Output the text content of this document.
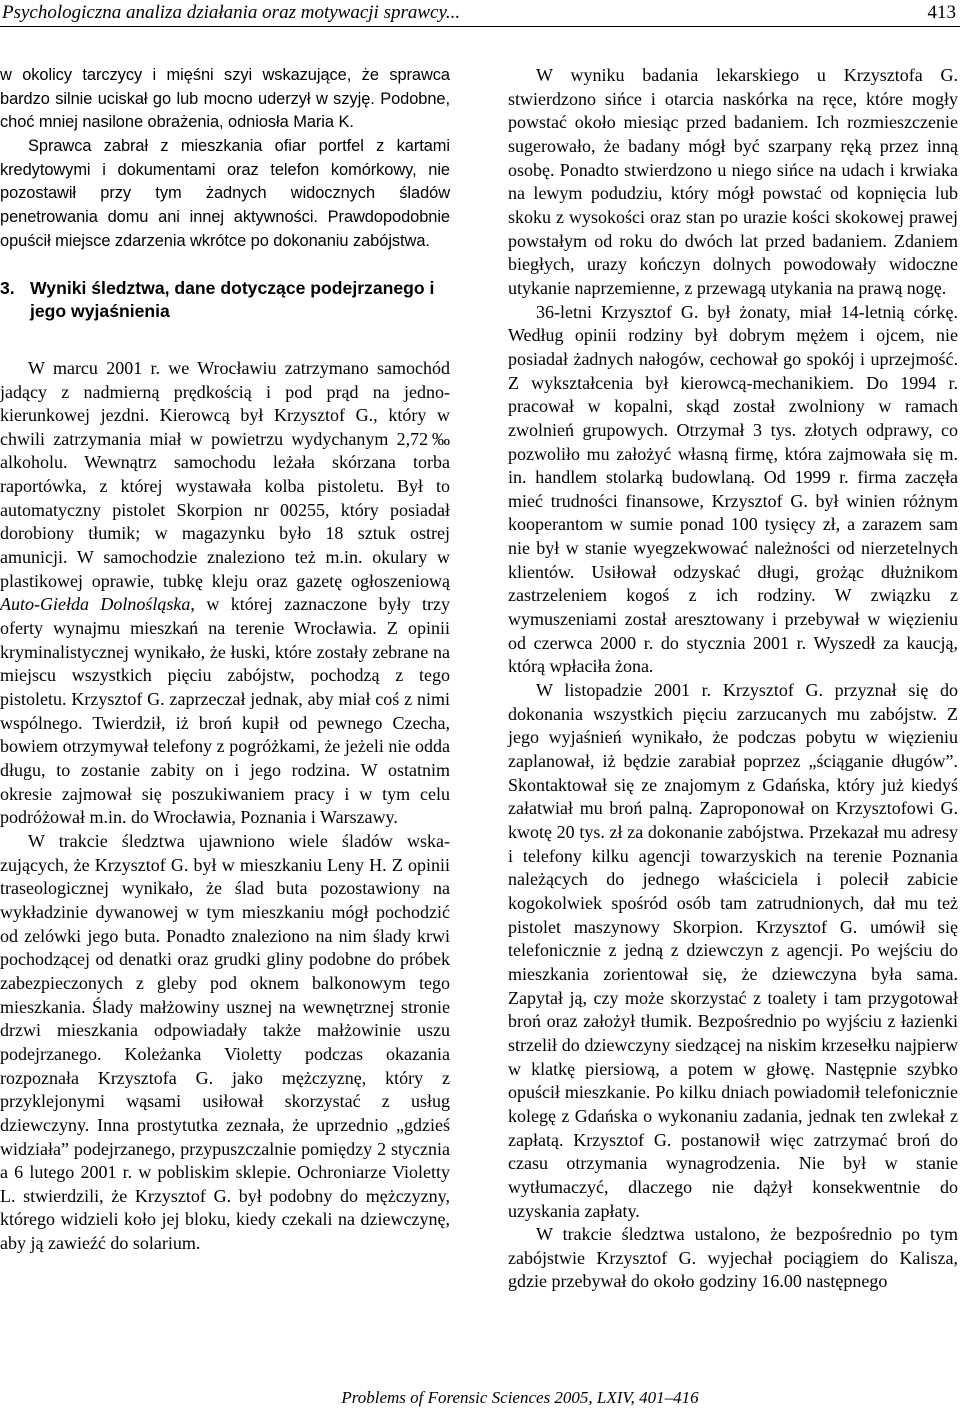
Psychologiczna analiza działania oraz motywacji sprawcy...	413

w okolicy tarczycy i mięśni szyi wskazujące, że sprawca bardzo silnie uciskał go lub mocno uderzył w szyję. Podobne, choć mniej nasilone obrażenia, odniosła Maria K.

Sprawca zabrał z mieszkania ofiar portfel z kartami kredytowymi i dokumentami oraz telefon komórkowy, nie pozostawił przy tym żadnych widocznych śladów penetrowania domu ani innej aktywności. Prawdopodobnie opuścił miejsce zdarzenia wkrótce po dokonaniu zabójstwa.

3. Wyniki śledztwa, dane dotyczące podejrzanego i jego wyjaśnienia

W marcu 2001 r. we Wrocławiu zatrzymano samochód jadący z nadmierną prędkością i pod prąd na jednokierunkowej jezdni. Kierowcą był Krzysztof G., który w chwili zatrzymania miał w powietrzu wydychanym 2,72‰ alkoholu. Wewnątrz samochodu leżała skórzana torba raportówka, z której wystawała kolba pistoletu. Był to automatyczny pistolet Skorpion nr 00255, który posiadał dorobiony tłumik; w magazynku było 18 sztuk ostrej amunicji. W samochodzie znaleziono też m.in. okulary w plastikowej oprawie, tubkę kleju oraz gazetę ogłoszeniową Auto-Giełda Dolnośląska, w której zaznaczone były trzy oferty wynajmu mieszkań na terenie Wrocławia. Z opinii kryminalistycznej wynikało, że łuski, które zostały zebrane na miejscu wszystkich pięciu zabójstw, pochodzą z tego pistoletu. Krzysztof G. zaprzeczał jednak, aby miał coś z nimi wspólnego. Twierdził, iż broń kupił od pewnego Czecha, bowiem otrzymywał telefony z pogróżkami, że jeżeli nie odda długu, to zostanie zabity on i jego rodzina. W ostatnim okresie zajmował się poszukiwaniem pracy i w tym celu podróżował m.in. do Wrocławia, Poznania i Warszawy.

W trakcie śledztwa ujawniono wiele śladów wskazujących, że Krzysztof G. był w mieszkaniu Leny H. Z opinii traseologicznej wynikało, że ślad buta pozostawiony na wykładzinie dywanowej w tym mieszkaniu mógł pochodzić od zelówki jego buta. Ponadto znaleziono na nim ślady krwi pochodzącej od denatki oraz grudki gliny podobne do próbek zabezpieczonych z gleby pod oknem balkonowym tego mieszkania. Ślady małżowiny usznej na wewnętrznej stronie drzwi mieszkania odpowiadały także małżowinie uszu podejrzanego. Koleżanka Violetty podczas okazania rozpoznała Krzysztofa G. jako mężczyznę, który z przyklejonymi wąsami usiłował skorzystać z usług dziewczyny. Inna prostytutka zeznała, że uprzednio „gdzieś widziała” podejrzanego, przypuszczalnie pomiędzy 2 stycznia a 6 lutego 2001 r. w pobliskim sklepie. Ochroniarze Violetty L. stwierdzili, że Krzysztof G. był podobny do mężczyzny, którego widzieli koło jej bloku, kiedy czekali na dziewczynę, aby ją zawieźć do solarium.

W wyniku badania lekarskiego u Krzysztofa G. stwierdzono sińce i otarcia naskórka na ręce, które mogły powstać około miesiąc przed badaniem. Ich rozmieszczenie sugerowało, że badany mógł być szarpany ręką przez inną osobę. Ponadto stwierdzono u niego sińce na udach i krwiaka na lewym podudziu, który mógł powstać od kopnięcia lub skoku z wysokości oraz stan po urazie kości skokowej prawej powstałym od roku do dwóch lat przed badaniem. Zdaniem biegłych, urazy kończyn dolnych powodowały widoczne utykanie naprzemienne, z przewagą utykania na prawą nogę.

36-letni Krzysztof G. był żonaty, miał 14-letnią córkę. Według opinii rodziny był dobrym mężem i ojcem, nie posiadał żadnych nałogów, cechował go spokój i uprzejmość. Z wykształcenia był kierowcą-mechanikiem. Do 1994 r. pracował w kopalni, skąd został zwolniony w ramach zwolnień grupowych. Otrzymał 3 tys. złotych odprawy, co pozwoliło mu założyć własną firmę, która zajmowała się m. in. handlem stolarką budowlaną. Od 1999 r. firma zaczęła mieć trudności finansowe, Krzysztof G. był winien różnym kooperantom w sumie ponad 100 tysięcy zł, a zarazem sam nie był w stanie wyegzekwować należności od nierzetelnych klientów. Usiłował odzyskać długi, grożąc dłużnikom zastrzeleniem kogoś z ich rodziny. W związku z wymuszeniami został aresztowany i przebywał w więzieniu od czerwca 2000 r. do stycznia 2001 r. Wyszedł za kaucją, którą wpłaciła żona.

W listopadzie 2001 r. Krzysztof G. przyznał się do dokonania wszystkich pięciu zarzucanych mu zabójstw. Z jego wyjaśnień wynikało, że podczas pobytu w więzieniu zaplanował, iż będzie zarabiał poprzez „ściąganie długów”. Skontaktował się ze znajomym z Gdańska, który już kiedyś załatwiał mu broń palną. Zaproponował on Krzysztofowi G. kwotę 20 tys. zł za dokonanie zabójstwa. Przekazał mu adresy i telefony kilku agencji towarzyskich na terenie Poznania należących do jednego właściciela i polecił zabicie kogokolwiek spośród osób tam zatrudnionych, dał mu też pistolet maszynowy Skorpion. Krzysztof G. umówił się telefonicznie z jedną z dziewczyn z agencji. Po wejściu do mieszkania zorientował się, że dziewczyna była sama. Zapytał ją, czy może skorzystać z toalety i tam przygotował broń oraz założył tłumik. Bezpośrednio po wyjściu z łazienki strzelił do dziewczyny siedzącej na niskim krzesełku najpierw w klatkę piersiową, a potem w głowę. Następnie szybko opuścił mieszkanie. Po kilku dniach powiadomił telefonicznie kolegę z Gdańska o wykonaniu zadania, jednak ten zwlekał z zapłatą. Krzysztof G. postanowił więc zatrzymać broń do czasu otrzymania wynagrodzenia. Nie był w stanie wytłumaczyć, dlaczego nie dążył konsekwentnie do uzyskania zapłaty.

W trakcie śledztwa ustalono, że bezpośrednio po tym zabójstwie Krzysztof G. wyjechał pociągiem do Kalisza, gdzie przebywał do około godziny 16.00 następnego

Problems of Forensic Sciences 2005, LXIV, 401–416
